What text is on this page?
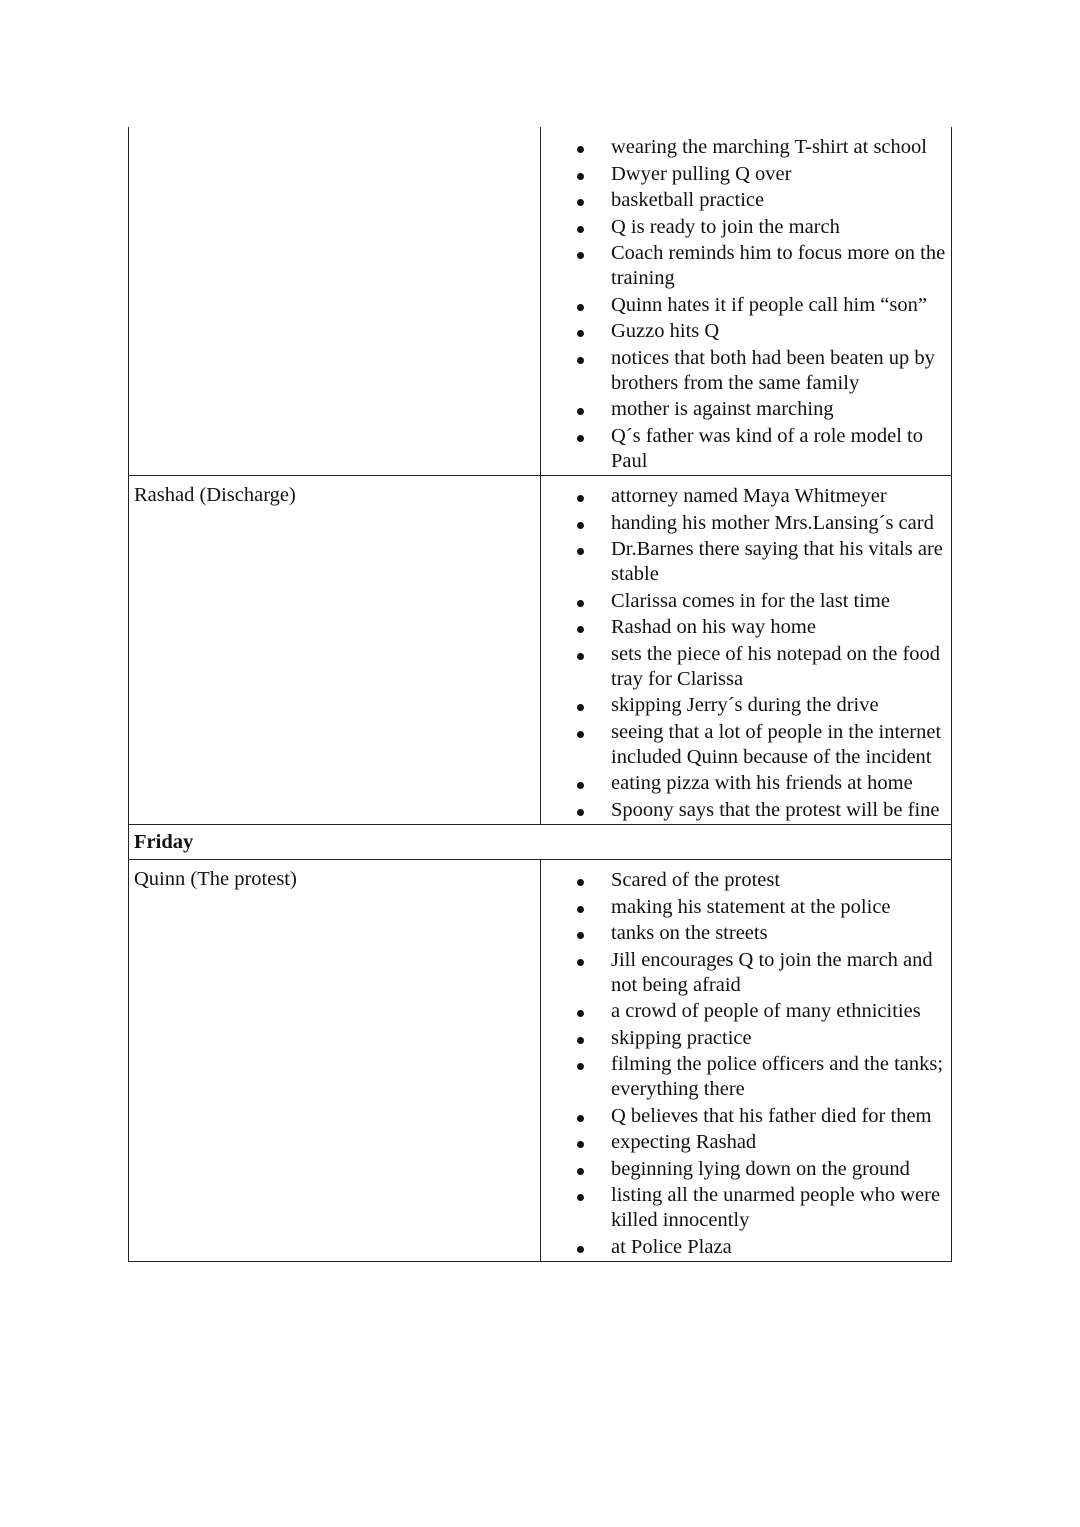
wearing the marching T-shirt at school
Dwyer pulling Q over
basketball practice
Q is ready to join the march
Coach reminds him to focus more on the training
Quinn hates it if people call him “son”
Guzzo hits Q
notices that both had been beaten up by brothers from the same family
mother is against marching
Q´s father was kind of a role model to Paul
Rashad (Discharge)	attorney named Maya Whitmeyer
handing his mother Mrs.Lansing´s card
Dr.Barnes there saying that his vitals are stable
Clarissa comes in for the last time
Rashad on his way home
sets the piece of his notepad on the food tray for Clarissa
skipping Jerry´s during the drive
seeing that a lot of people in the internet included Quinn because of the incident
eating pizza with his friends at home
Spoony says that the protest will be fine
Friday
Quinn (The protest)	Scared of the protest
making his statement at the police
tanks on the streets
Jill encourages Q to join the march and not being afraid
a crowd of people of many ethnicities
skipping practice
filming the police officers and the tanks; everything there
Q believes that his father died for them
expecting Rashad
beginning lying down on the ground
listing all the unarmed people who were killed innocently
at Police Plaza
